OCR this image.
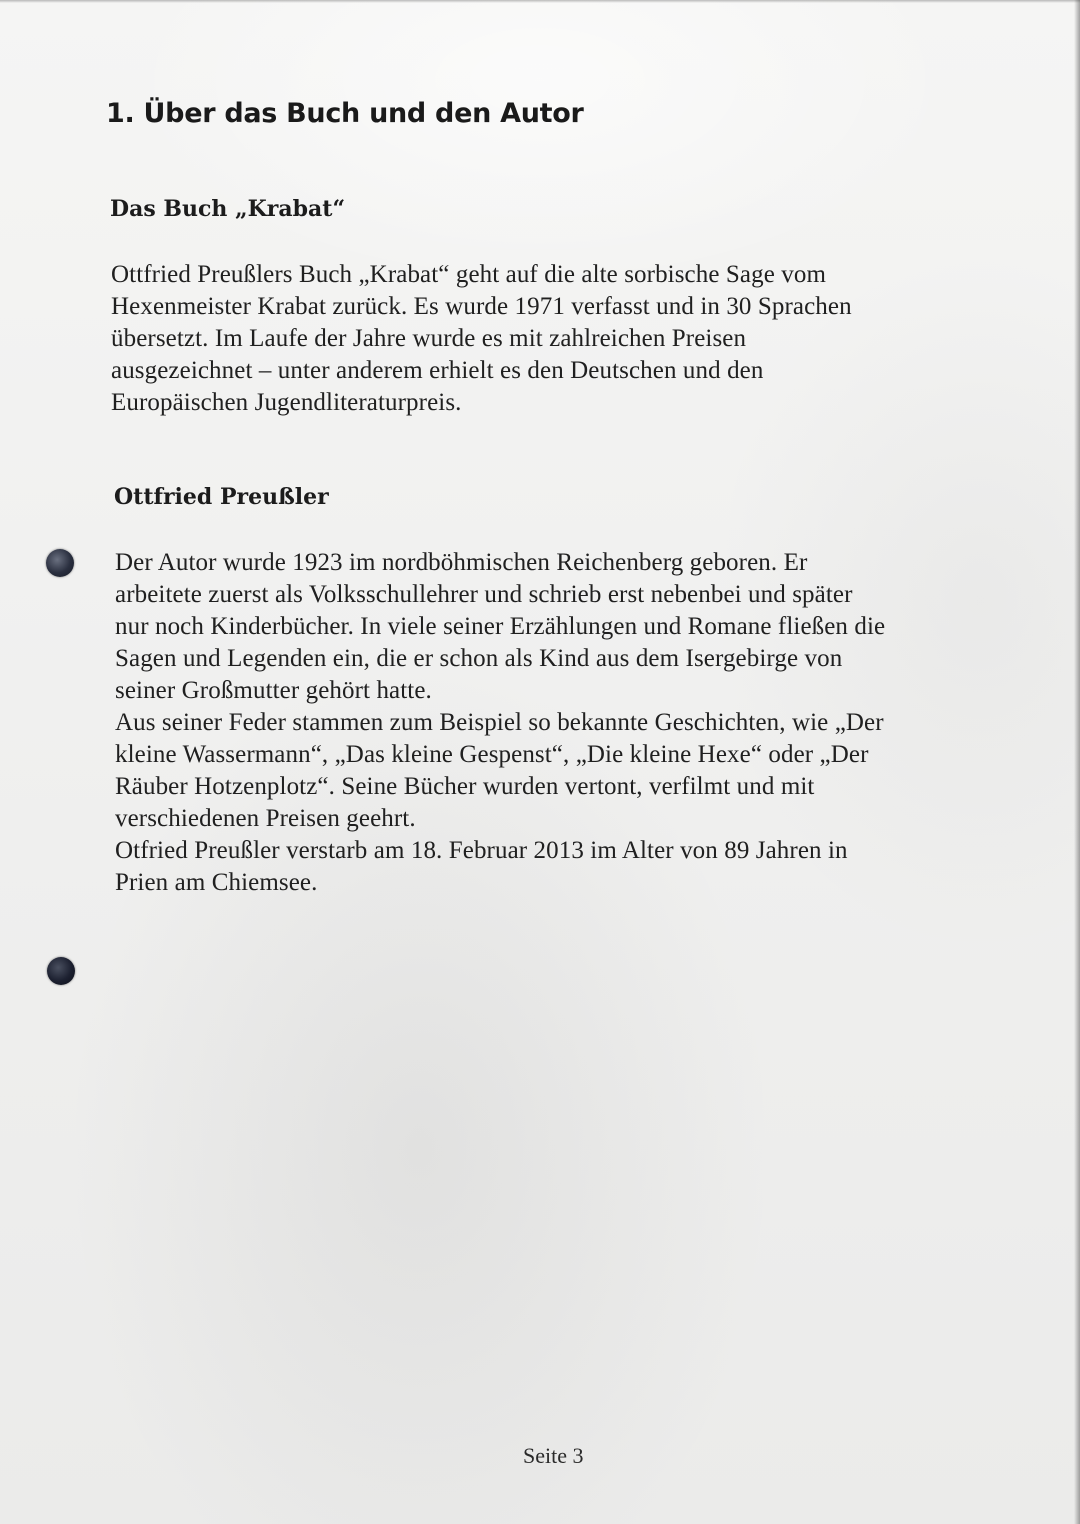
1. Über das Buch und den Autor
Das Buch „Krabat“

Ottfried Preußlers Buch „Krabat“ geht auf die alte sorbische Sage vom
Hexenmeister Krabat zurück. Es wurde 1971 verfasst und in 30 Sprachen
übersetzt. Im Laufe der Jahre wurde es mit zahlreichen Preisen
ausgezeichnet – unter anderem erhielt es den Deutschen und den
Europäischen Jugendliteraturpreis.

Ottfried Preußler

Der Autor wurde 1923 im nordböhmischen Reichenberg geboren. Er
arbeitete zuerst als Volksschullehrer und schrieb erst nebenbei und später
nur noch Kinderbücher. In viele seiner Erzählungen und Romane fließen die
Sagen und Legenden ein, die er schon als Kind aus dem Isergebirge von
seiner Großmutter gehört hatte.
Aus seiner Feder stammen zum Beispiel so bekannte Geschichten, wie „Der
kleine Wassermann“, „Das kleine Gespenst“, „Die kleine Hexe“ oder „Der
Räuber Hotzenplotz“. Seine Bücher wurden vertont, verfilmt und mit
verschiedenen Preisen geehrt.
Otfried Preußler verstarb am 18. Februar 2013 im Alter von 89 Jahren in
Prien am Chiemsee.

Seite 3
